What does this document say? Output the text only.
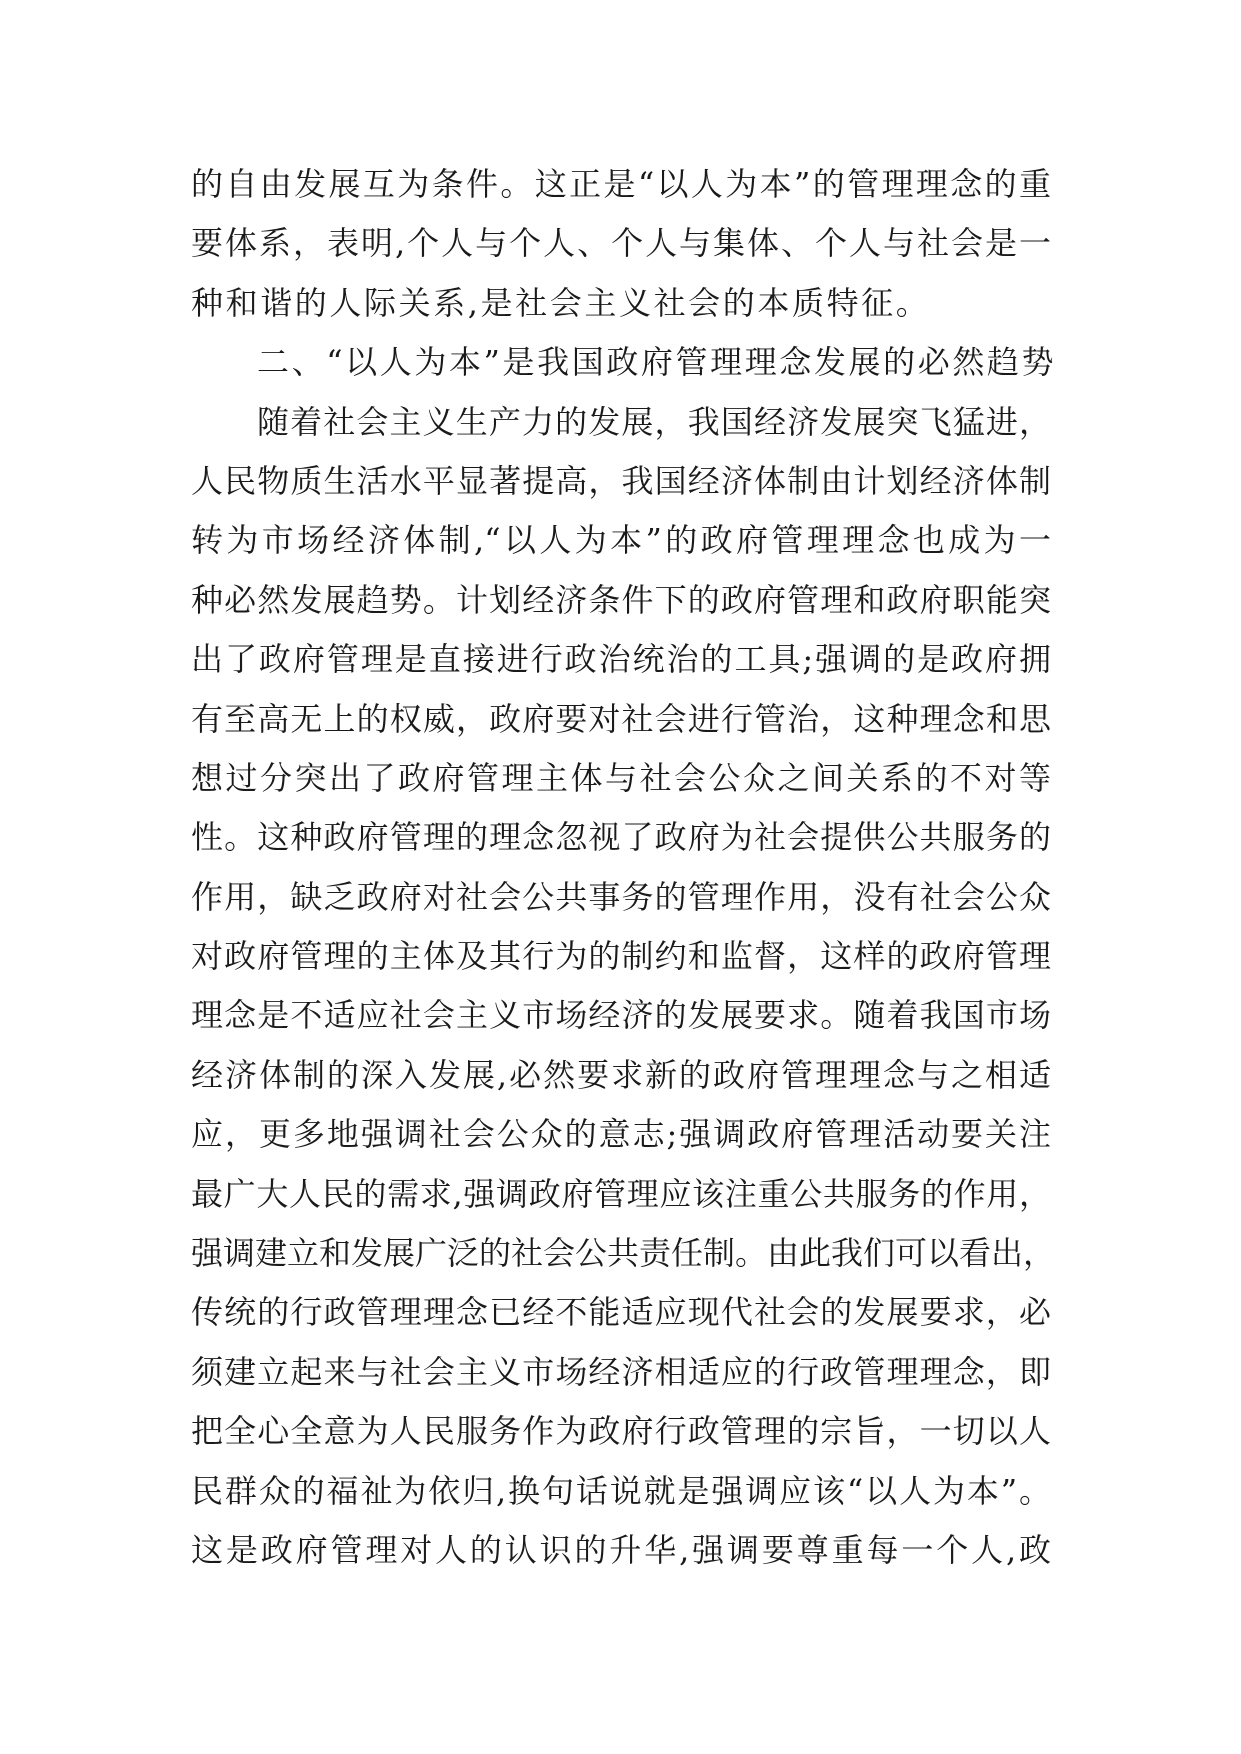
的自由发展互为条件。这正是“以人为本”的管理理念的重
要体系，表明,个人与个人、个人与集体、个人与社会是一
种和谐的人际关系,是社会主义社会的本质特征。
二、“以人为本”是我国政府管理理念发展的必然趋势
随着社会主义生产力的发展，我国经济发展突飞猛进，
人民物质生活水平显著提高，我国经济体制由计划经济体制
转为市场经济体制,“以人为本”的政府管理理念也成为一
种必然发展趋势。计划经济条件下的政府管理和政府职能突
出了政府管理是直接进行政治统治的工具;强调的是政府拥
有至高无上的权威，政府要对社会进行管治，这种理念和思
想过分突出了政府管理主体与社会公众之间关系的不对等
性。这种政府管理的理念忽视了政府为社会提供公共服务的
作用，缺乏政府对社会公共事务的管理作用，没有社会公众
对政府管理的主体及其行为的制约和监督，这样的政府管理
理念是不适应社会主义市场经济的发展要求。随着我国市场
经济体制的深入发展,必然要求新的政府管理理念与之相适
应，更多地强调社会公众的意志;强调政府管理活动要关注
最广大人民的需求,强调政府管理应该注重公共服务的作用，
强调建立和发展广泛的社会公共责任制。由此我们可以看出，
传统的行政管理理念已经不能适应现代社会的发展要求，必
须建立起来与社会主义市场经济相适应的行政管理理念，即
把全心全意为人民服务作为政府行政管理的宗旨，一切以人
民群众的福祉为依归,换句话说就是强调应该“以人为本”。
这是政府管理对人的认识的升华,强调要尊重每一个人,政
